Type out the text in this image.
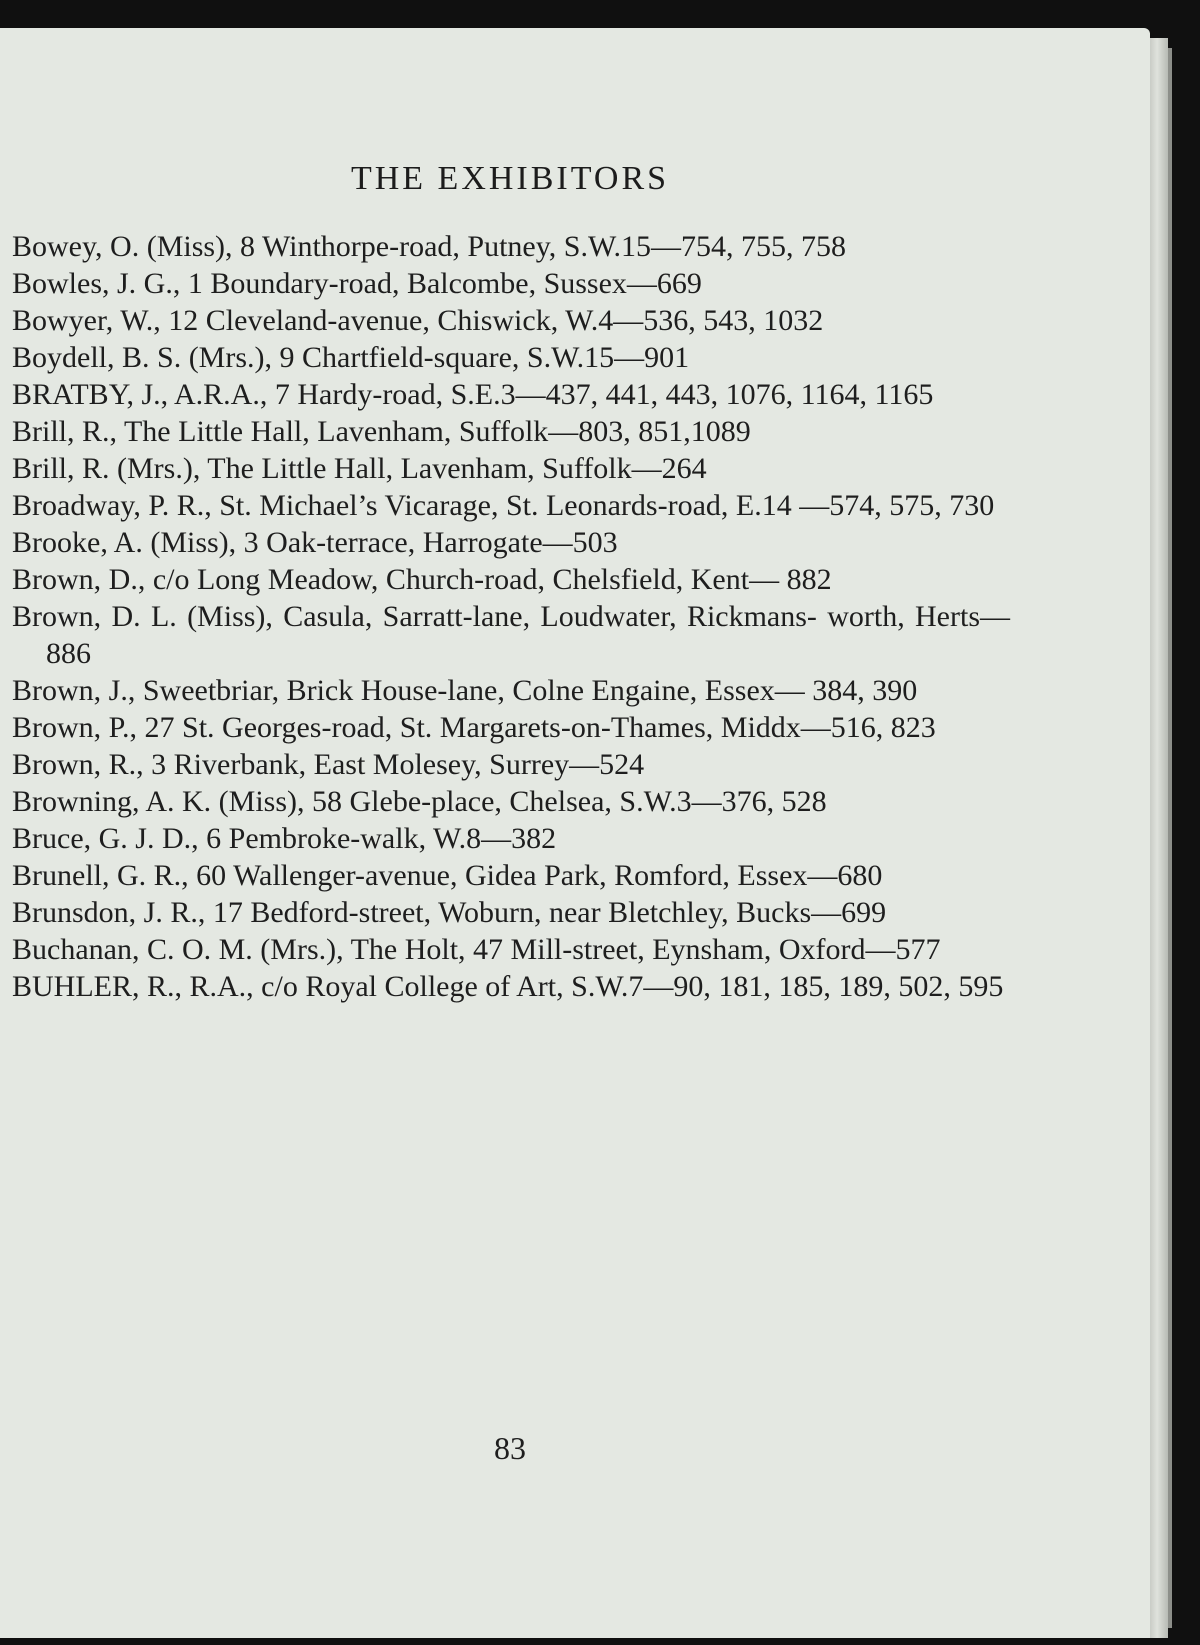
THE EXHIBITORS
Bowey, O. (Miss), 8 Winthorpe-road, Putney, S.W.15—754, 755, 758
Bowles, J. G., 1 Boundary-road, Balcombe, Sussex—669
Bowyer, W., 12 Cleveland-avenue, Chiswick, W.4—536, 543, 1032
Boydell, B. S. (Mrs.), 9 Chartfield-square, S.W.15—901
BRATBY, J., A.R.A., 7 Hardy-road, S.E.3—437, 441, 443, 1076, 1164, 1165
Brill, R., The Little Hall, Lavenham, Suffolk—803, 851,1089
Brill, R. (Mrs.), The Little Hall, Lavenham, Suffolk—264
Broadway, P. R., St. Michael’s Vicarage, St. Leonards-road, E.14 —574, 575, 730
Brooke, A. (Miss), 3 Oak-terrace, Harrogate—503
Brown, D., c/o Long Meadow, Church-road, Chelsfield, Kent— 882
Brown, D. L. (Miss), Casula, Sarratt-lane, Loudwater, Rickmans- worth, Herts—886
Brown, J., Sweetbriar, Brick House-lane, Colne Engaine, Essex— 384, 390
Brown, P., 27 St. Georges-road, St. Margarets-on-Thames, Middx—516, 823
Brown, R., 3 Riverbank, East Molesey, Surrey—524
Browning, A. K. (Miss), 58 Glebe-place, Chelsea, S.W.3—376, 528
Bruce, G. J. D., 6 Pembroke-walk, W.8—382
Brunell, G. R., 60 Wallenger-avenue, Gidea Park, Romford, Essex—680
Brunsdon, J. R., 17 Bedford-street, Woburn, near Bletchley, Bucks—699
Buchanan, C. O. M. (Mrs.), The Holt, 47 Mill-street, Eynsham, Oxford—577
BUHLER, R., R.A., c/o Royal College of Art, S.W.7—90, 181, 185, 189, 502, 595
83
